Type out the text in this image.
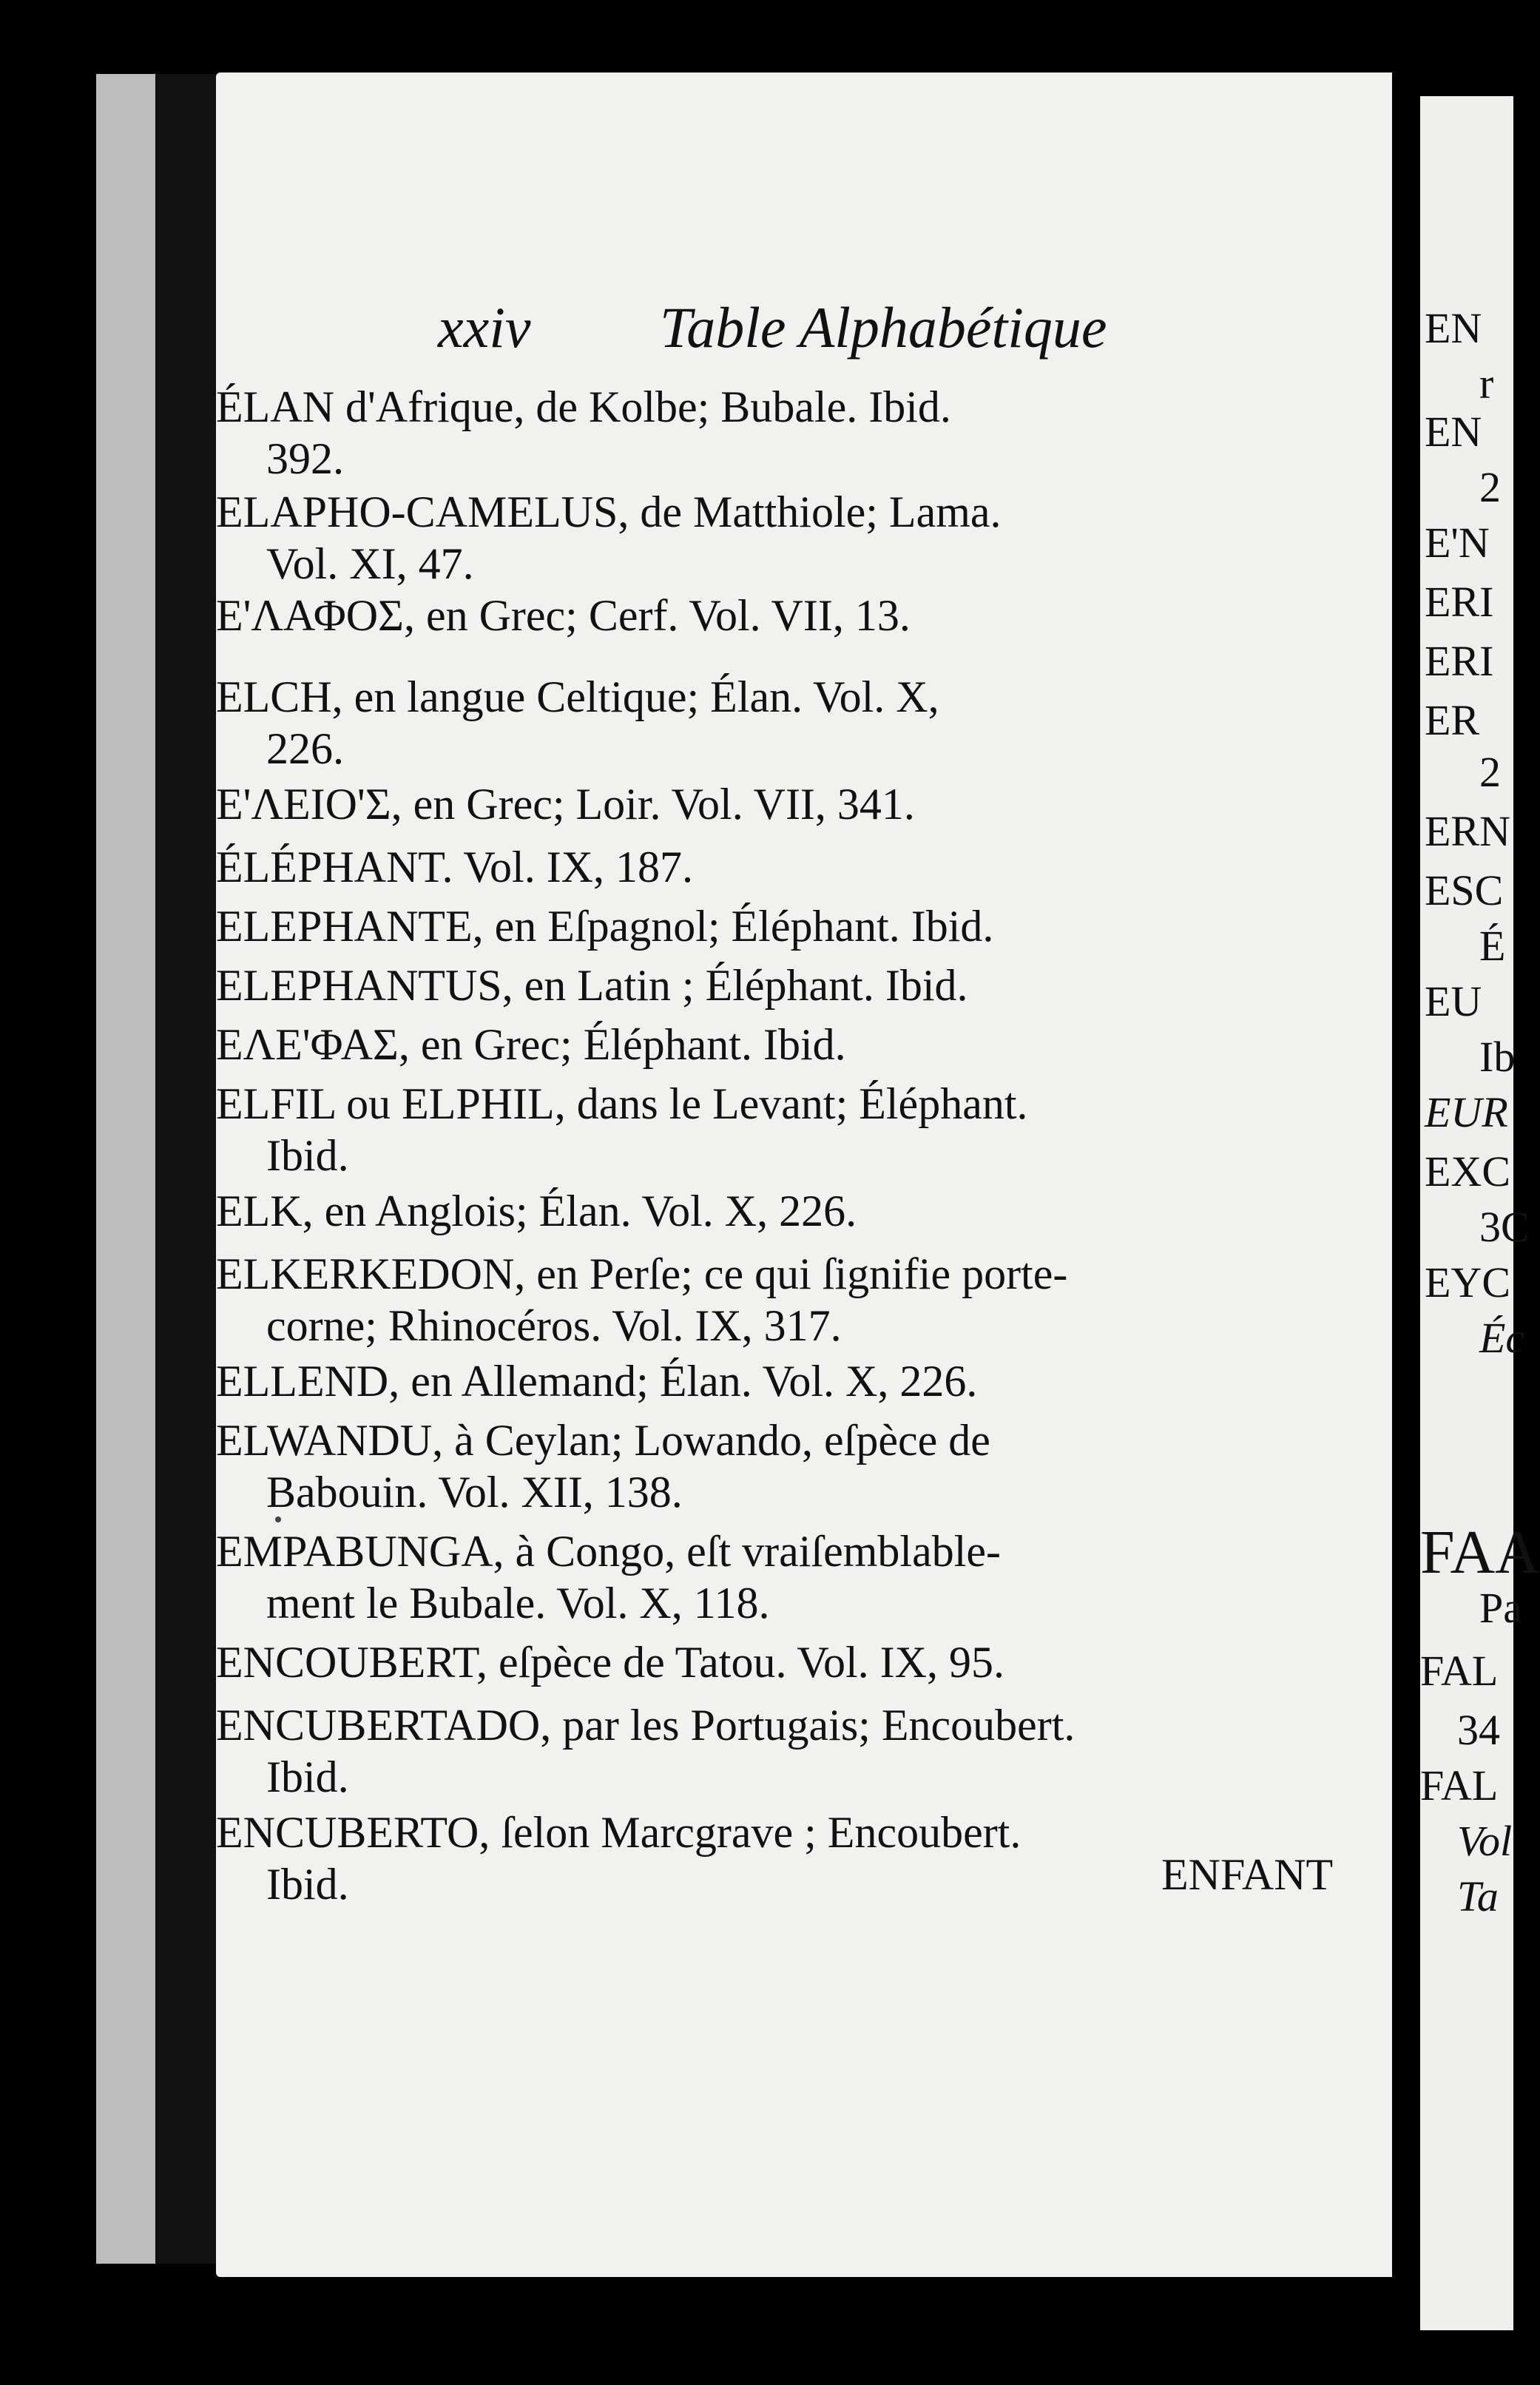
xxiv Table Alphabétique
ÉLAN d'Afrique, de Kolbe; Bubale. Ibid.
392.
ELAPHO-CAMELUS, de Matthiole; Lama.
Vol. XI, 47.
Ε'ΛΑΦΟΣ, en Grec; Cerf. Vol. VII, 13.
ELCH, en langue Celtique; Élan. Vol. X,
226.
Ε'ΛΕΙΟ'Σ, en Grec; Loir. Vol. VII, 341.
ÉLÉPHANT. Vol. IX, 187.
ELEPHANTE, en Eſpagnol; Éléphant. Ibid.
ELEPHANTUS, en Latin ; Éléphant. Ibid.
ΕΛΕ'ΦΑΣ, en Grec; Éléphant. Ibid.
ELFIL ou ELPHIL, dans le Levant; Éléphant.
Ibid.
ELK, en Anglois; Élan. Vol. X, 226.
ELKERKEDON, en Perſe; ce qui ſignifie porte-
corne; Rhinocéros. Vol. IX, 317.
ELLEND, en Allemand; Élan. Vol. X, 226.
ELWANDU, à Ceylan; Lowando, eſpèce de
Babouin. Vol. XII, 138.
EMPABUNGA, à Congo, eſt vraiſemblable-
ment le Bubale. Vol. X, 118.
ENCOUBERT, eſpèce de Tatou. Vol. IX, 95.
ENCUBERTADO, par les Portugais; Encoubert.
Ibid.
ENCUBERTO, ſelon Marcgrave ; Encoubert.
Ibid.	ENFANT
EN
r
EN
2
E'N
ERI
ERI
ER
2
ERN
ESC
É
EU
Ib
EUR
EXC
3C
EYC
Éc
FAA
Pa
FAL
34
FAL
Vol
Ta
